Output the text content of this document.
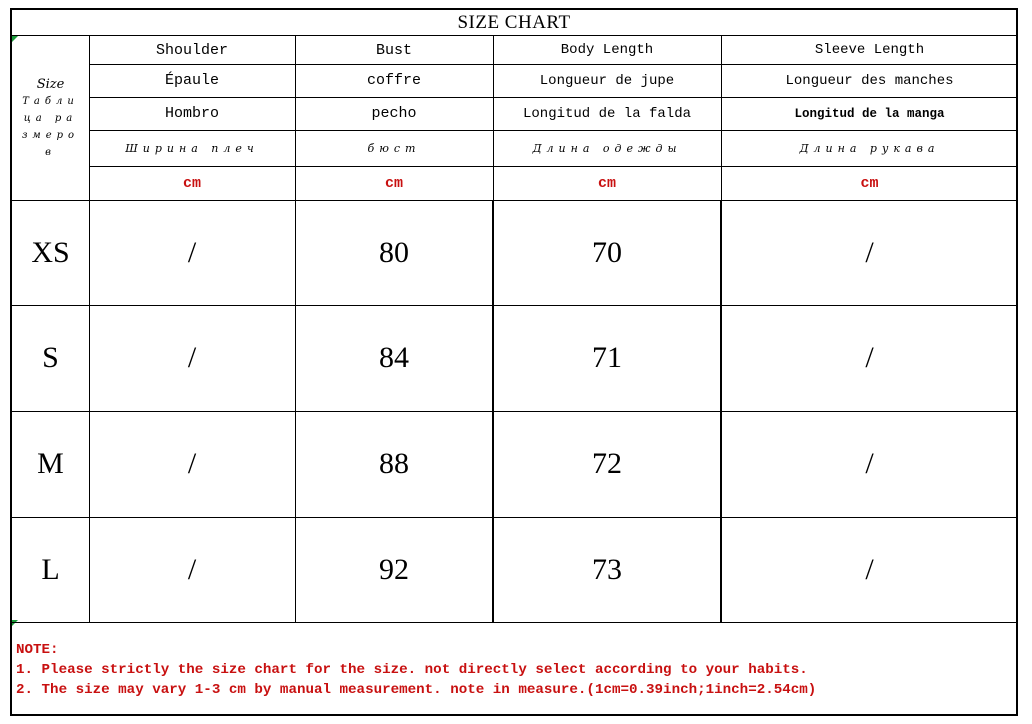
SIZE CHART
Size
Табли
ца ра
змеро
в
Shoulder	Bust	Body Length	Sleeve Length
Épaule	coffre	Longueur de jupe	Longueur des manches
Hombro	pecho	Longitud de la falda	Longitud de la manga
Ширина плеч	бюст	Длина одежды	Длина рукава
cm	cm	cm	cm
XS	/	80	70	/
S	/	84	71	/
M	/	88	72	/
L	/	92	73	/
NOTE:
1. Please strictly the size chart for the size. not directly select according to your habits.
2. The size may vary 1-3 cm by manual measurement. note in measure.(1cm=0.39inch;1inch=2.54cm)
